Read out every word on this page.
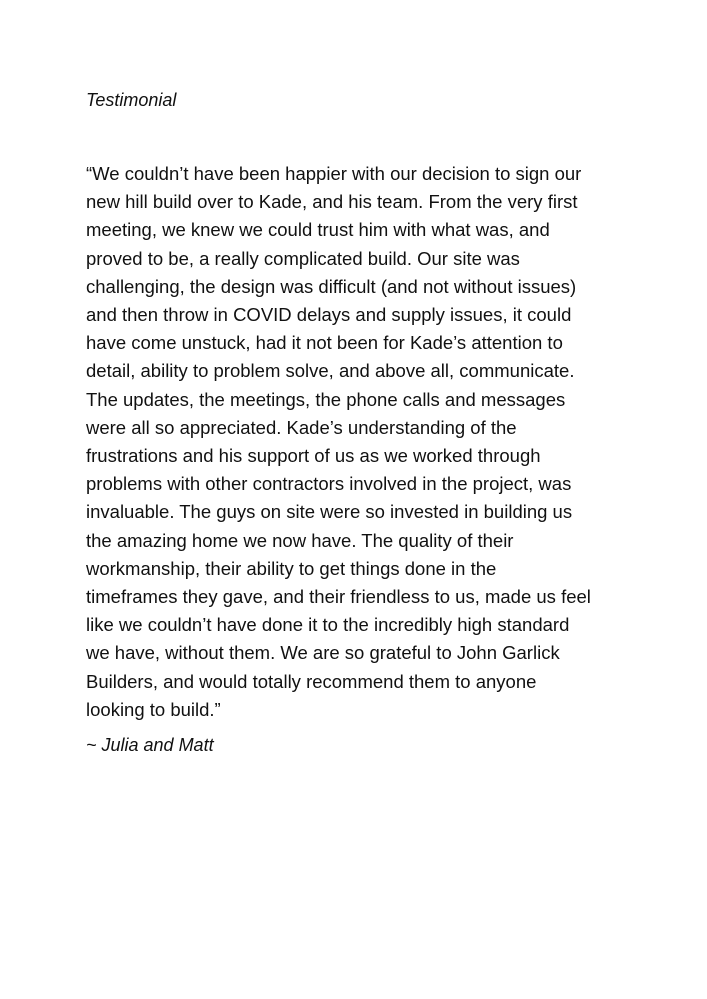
Testimonial

“We couldn’t have been happier with our decision to sign our
new hill build over to Kade, and his team. From the very first
meeting, we knew we could trust him with what was, and
proved to be, a really complicated build. Our site was
challenging, the design was difficult (and not without issues)
and then throw in COVID delays and supply issues, it could
have come unstuck, had it not been for Kade’s attention to
detail, ability to problem solve, and above all, communicate.
The updates, the meetings, the phone calls and messages
were all so appreciated. Kade’s understanding of the
frustrations and his support of us as we worked through
problems with other contractors involved in the project, was
invaluable. The guys on site were so invested in building us
the amazing home we now have. The quality of their
workmanship, their ability to get things done in the
timeframes they gave, and their friendless to us, made us feel
like we couldn’t have done it to the incredibly high standard
we have, without them. We are so grateful to John Garlick
Builders, and would totally recommend them to anyone
looking to build.”

~ Julia and Matt
